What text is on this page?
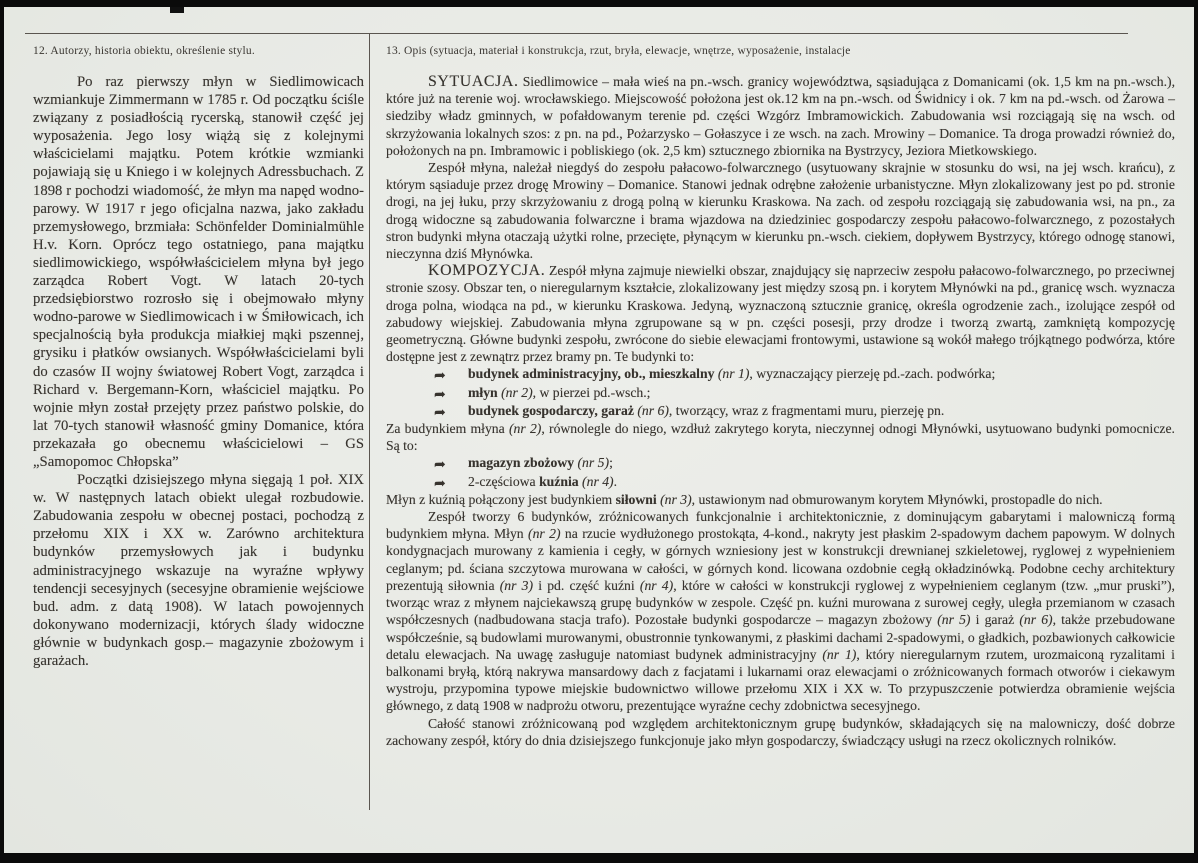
12. Autorzy, historia obiektu, określenie stylu.

Po raz pierwszy młyn w Siedlimowicach wzmiankuje Zimmermann w 1785 r. Od początku ściśle związany z posiadłością rycerską, stanowił część jej wyposażenia. Jego losy wiążą się z kolejnymi właścicielami majątku. Potem krótkie wzmianki pojawiają się u Kniego i w kolejnych Adressbuchach. Z 1898 r pochodzi wiadomość, że młyn ma napęd wodno-parowy. W 1917 r jego oficjalna nazwa, jako zakładu przemysłowego, brzmiała: Schönfelder Dominialmühle H.v. Korn. Oprócz tego ostatniego, pana majątku siedlimowickiego, współwłaścicielem młyna był jego zarządca Robert Vogt. W latach 20-tych przedsiębiorstwo rozrosło się i obejmowało młyny wodno-parowe w Siedlimowicach i w Śmiłowicach, ich specjalnością była produkcja miałkiej mąki pszennej, grysiku i płatków owsianych. Współwłaścicielami byli do czasów II wojny światowej Robert Vogt, zarządca i Richard v. Bergemann-Korn, właściciel majątku. Po wojnie młyn został przejęty przez państwo polskie, do lat 70-tych stanowił własność gminy Domanice, która przekazała go obecnemu właścicielowi – GS „Samopomoc Chłopska”

Początki dzisiejszego młyna sięgają 1 poł. XIX w. W następnych latach obiekt ulegał rozbudowie. Zabudowania zespołu w obecnej postaci, pochodzą z przełomu XIX i XX w. Zarówno architektura budynków przemysłowych jak i budynku administracyjnego wskazuje na wyraźne wpływy tendencji secesyjnych (secesyjne obramienie wejściowe bud. adm. z datą 1908). W latach powojennych dokonywano modernizacji, których ślady widoczne głównie w budynkach gosp.– magazynie zbożowym i garażach.

13. Opis (sytuacja, materiał i konstrukcja, rzut, bryła, elewacje, wnętrze, wyposażenie, instalacje

SYTUACJA. Siedlimowice – mała wieś na pn.-wsch. granicy województwa, sąsiadująca z Domanicami (ok. 1,5 km na pn.-wsch.), które już na terenie woj. wrocławskiego. Miejscowość położona jest ok.12 km na pn.-wsch. od Świdnicy i ok. 7 km na pd.-wsch. od Żarowa – siedziby władz gminnych, w pofałdowanym terenie pd. części Wzgórz Imbramowickich. Zabudowania wsi rozciągają się na wsch. od skrzyżowania lokalnych szos: z pn. na pd., Pożarzysko – Gołaszyce i ze wsch. na zach. Mrowiny – Domanice. Ta droga prowadzi również do, położonych na pn. Imbramowic i pobliskiego (ok. 2,5 km) sztucznego zbiornika na Bystrzycy, Jeziora Mietkowskiego.

Zespół młyna, należał niegdyś do zespołu pałacowo-folwarcznego (usytuowany skrajnie w stosunku do wsi, na jej wsch. krańcu), z którym sąsiaduje przez drogę Mrowiny – Domanice. Stanowi jednak odrębne założenie urbanistyczne. Młyn zlokalizowany jest po pd. stronie drogi, na jej łuku, przy skrzyżowaniu z drogą polną w kierunku Kraskowa. Na zach. od zespołu rozciągają się zabudowania wsi, na pn., za drogą widoczne są zabudowania folwarczne i brama wjazdowa na dziedziniec gospodarczy zespołu pałacowo-folwarcznego, z pozostałych stron budynki młyna otaczają użytki rolne, przecięte, płynącym w kierunku pn.-wsch. ciekiem, dopływem Bystrzycy, którego odnogę stanowi, nieczynna dziś Młynówka.

KOMPOZYCJA. Zespół młyna zajmuje niewielki obszar, znajdujący się naprzeciw zespołu pałacowo-folwarcznego, po przeciwnej stronie szosy. Obszar ten, o nieregularnym kształcie, zlokalizowany jest między szosą pn. i korytem Młynówki na pd., granicę wsch. wyznacza droga polna, wiodąca na pd., w kierunku Kraskowa. Jedyną, wyznaczoną sztucznie granicę, określa ogrodzenie zach., izolujące zespół od zabudowy wiejskiej. Zabudowania młyna zgrupowane są w pn. części posesji, przy drodze i tworzą zwartą, zamkniętą kompozycję geometryczną. Główne budynki zespołu, zwrócone do siebie elewacjami frontowymi, ustawione są wokół małego trójkątnego podwórza, które dostępne jest z zewnątrz przez bramy pn. Te budynki to:

➥ budynek administracyjny, ob., mieszkalny (nr 1), wyznaczający pierzeję pd.-zach. podwórka;

➥ młyn (nr 2), w pierzei pd.-wsch.;

➥ budynek gospodarczy, garaż (nr 6), tworzący, wraz z fragmentami muru, pierzeję pn.

Za budynkiem młyna (nr 2), równolegle do niego, wzdłuż zakrytego koryta, nieczynnej odnogi Młynówki, usytuowano budynki pomocnicze. Są to:

➥ magazyn zbożowy (nr 5);

➥ 2-częściowa kuźnia (nr 4).

Młyn z kuźnią połączony jest budynkiem siłowni (nr 3), ustawionym nad obmurowanym korytem Młynówki, prostopadle do nich.

Zespół tworzy 6 budynków, zróżnicowanych funkcjonalnie i architektonicznie, z dominującym gabarytami i malowniczą formą budynkiem młyna. Młyn (nr 2) na rzucie wydłużonego prostokąta, 4-kond., nakryty jest płaskim 2-spadowym dachem papowym. W dolnych kondygnacjach murowany z kamienia i cegły, w górnych wzniesiony jest w konstrukcji drewnianej szkieletowej, ryglowej z wypełnieniem ceglanym; pd. ściana szczytowa murowana w całości, w górnych kond. licowana ozdobnie cegłą okładzinówką. Podobne cechy architektury prezentują siłownia (nr 3) i pd. część kuźni (nr 4), które w całości w konstrukcji ryglowej z wypełnieniem ceglanym (tzw. „mur pruski”), tworząc wraz z młynem najciekawszą grupę budynków w zespole. Część pn. kuźni murowana z surowej cegły, uległa przemianom w czasach współczesnych (nadbudowana stacja trafo). Pozostałe budynki gospodarcze – magazyn zbożowy (nr 5) i garaż (nr 6), także przebudowane współcześnie, są budowlami murowanymi, obustronnie tynkowanymi, z płaskimi dachami 2-spadowymi, o gładkich, pozbawionych całkowicie detalu elewacjach. Na uwagę zasługuje natomiast budynek administracyjny (nr 1), który nieregularnym rzutem, urozmaiconą ryzalitami i balkonami bryłą, którą nakrywa mansardowy dach z facjatami i lukarnami oraz elewacjami o zróżnicowanych formach otworów i ciekawym wystroju, przypomina typowe miejskie budownictwo willowe przełomu XIX i XX w. To przypuszczenie potwierdza obramienie wejścia głównego, z datą 1908 w nadprożu otworu, prezentujące wyraźne cechy zdobnictwa secesyjnego.

Całość stanowi zróżnicowaną pod względem architektonicznym grupę budynków, składających się na malowniczy, dość dobrze zachowany zespół, który do dnia dzisiejszego funkcjonuje jako młyn gospodarczy, świadczący usługi na rzecz okolicznych rolników.
